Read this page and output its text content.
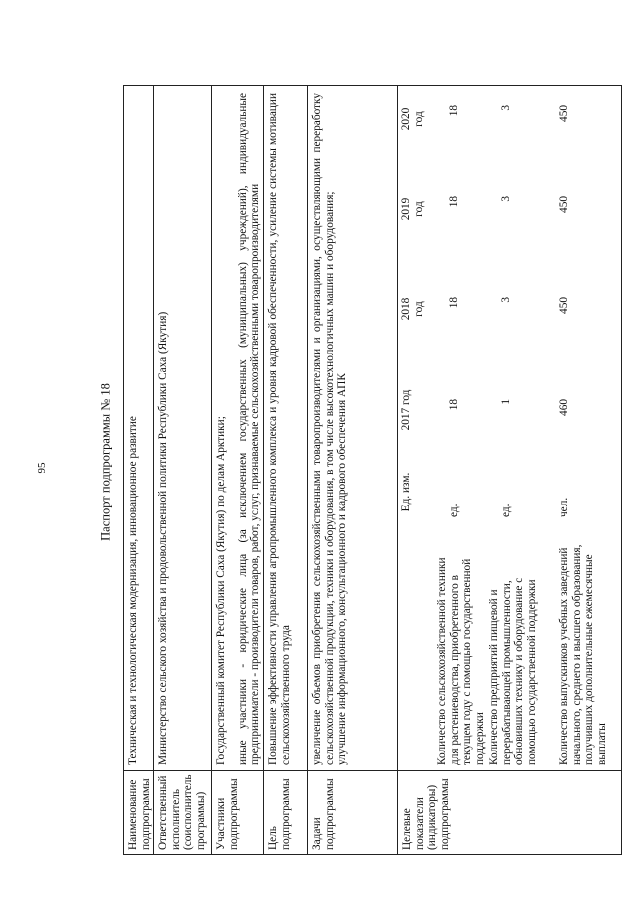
95	Паспорт подпрограммы № 18
Наименование подпрограммы
Техническая и технологическая модернизация, инновационное развитие
Ответственный исполнитель (соисполнитель программы)
Министерство сельского хозяйства и продовольственной политики Республики Саха (Якутия)
Участники подпрограммы

Государственный комитет Республики Саха (Якутия) по делам Арктики; иные участники - юридические лица (за исключением государственных (муниципальных) учреждений), индивидуальные предприниматели - производители товаров, работ, услуг, признаваемые сельскохозяйственными товаропроизводителями

Цель подпрограммы
Повышение эффективности управления агропромышленного комплекса и уровня кадровой обеспеченности, усиление системы мотивации сельскохозяйственного труда
Задачи подпрограммы

увеличение объемов приобретения сельскохозяйственными товаропроизводителями и организациями, осуществляющими переработку сельскохозяйственной продукции, техники и оборудования, в том числе высокотехнологичных машин и оборудования; улучшение информационного, консультационного и кадрового обеспечения АПК

Целевые показатели (индикаторы) подпрограммы
Ед. изм.
2017 год
2018 год
2019 год
2020 год
Количество сельскохозяйственной техники для растениеводства, приобретенного в текущем году с помощью государственной поддержки
ед.
18
18
18
18
Количество предприятий пищевой и перерабатывающей промышленности, обновивших технику и оборудование с помощью государственной поддержки
ед.
1
3
3
3
Количество выпускников учебных заведений начального, среднего и высшего образования, получивших дополнительные ежемесячные выплаты
чел.
460
450
450
450
